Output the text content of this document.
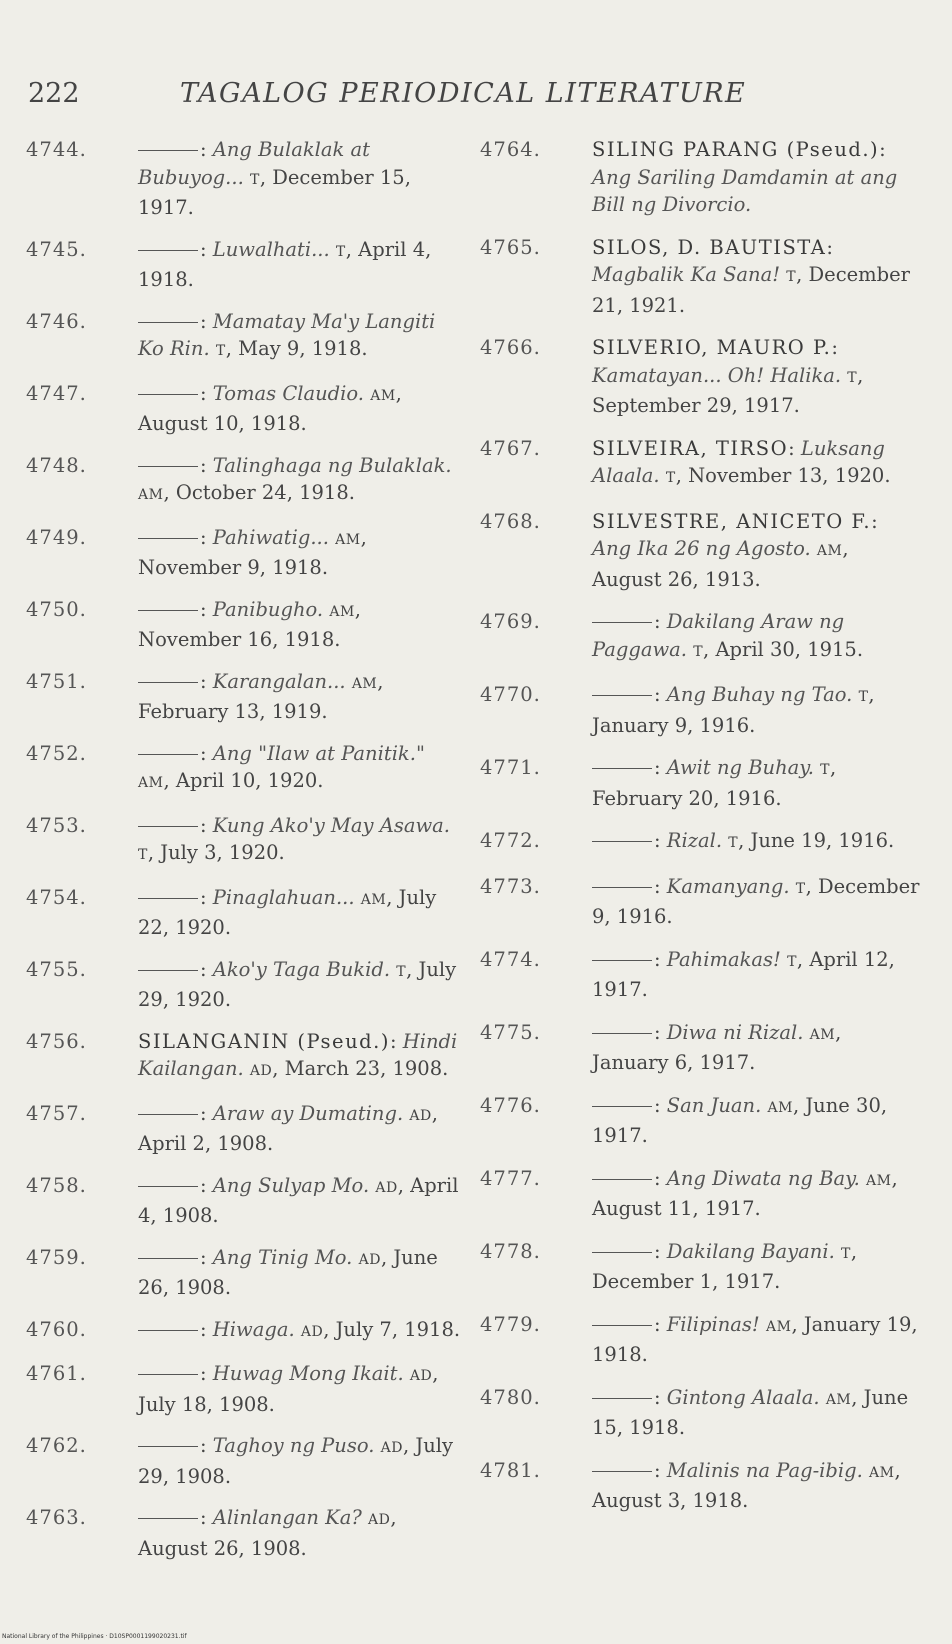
222	TAGALOG PERIODICAL LITERATURE
4744.	: Ang Bulaklak at Bubuyog... T, December 15, 1917.
4745.	: Luwalhati... T, April 4, 1918.
4746.	: Mamatay Ma'y Langiti Ko Rin. T, May 9, 1918.
4747.	: Tomas Claudio. AM, August 10, 1918.
4748.	: Talinghaga ng Bulaklak. AM, October 24, 1918.
4749.	: Pahiwatig... AM, November 9, 1918.
4750.	: Panibugho. AM, November 16, 1918.
4751.	: Karangalan... AM, February 13, 1919.
4752.	: Ang "Ilaw at Panitik." AM, April 10, 1920.
4753.	: Kung Ako'y May Asawa. T, July 3, 1920.
4754.	: Pinaglahuan... AM, July 22, 1920.
4755.	: Ako'y Taga Bukid. T, July 29, 1920.
4756.	SILANGANIN (Pseud.): Hindi Kailangan. AD, March 23, 1908.
4757.	: Araw ay Dumating. AD, April 2, 1908.
4758.	: Ang Sulyap Mo. AD, April 4, 1908.
4759.	: Ang Tinig Mo. AD, June 26, 1908.
4760.	: Hiwaga. AD, July 7, 1918.
4761.	: Huwag Mong Ikait. AD, July 18, 1908.
4762.	: Taghoy ng Puso. AD, July 29, 1908.
4763.	: Alinlangan Ka? AD, August 26, 1908.
4764.	SILING PARANG (Pseud.): Ang Sariling Damdamin at ang Bill ng Divorcio.
4765.	SILOS, D. BAUTISTA: Magbalik Ka Sana! T, December 21, 1921.
4766.	SILVERIO, MAURO P.: Kamatayan... Oh! Halika. T, September 29, 1917.
4767.	SILVEIRA, TIRSO: Luksang Alaala. T, November 13, 1920.
4768.	SILVESTRE, ANICETO F.: Ang Ika 26 ng Agosto. AM, August 26, 1913.
4769.	: Dakilang Araw ng Paggawa. T, April 30, 1915.
4770.	: Ang Buhay ng Tao. T, January 9, 1916.
4771.	: Awit ng Buhay. T, February 20, 1916.
4772.	: Rizal. T, June 19, 1916.
4773.	: Kamanyang. T, December 9, 1916.
4774.	: Pahimakas! T, April 12, 1917.
4775.	: Diwa ni Rizal. AM, January 6, 1917.
4776.	: San Juan. AM, June 30, 1917.
4777.	: Ang Diwata ng Bay. AM, August 11, 1917.
4778.	: Dakilang Bayani. T, December 1, 1917.
4779.	: Filipinas! AM, January 19, 1918.
4780.	: Gintong Alaala. AM, June 15, 1918.
4781.	: Malinis na Pag-ibig. AM, August 3, 1918.
National Library of the Philippines · D10SP0001199020231.tif
